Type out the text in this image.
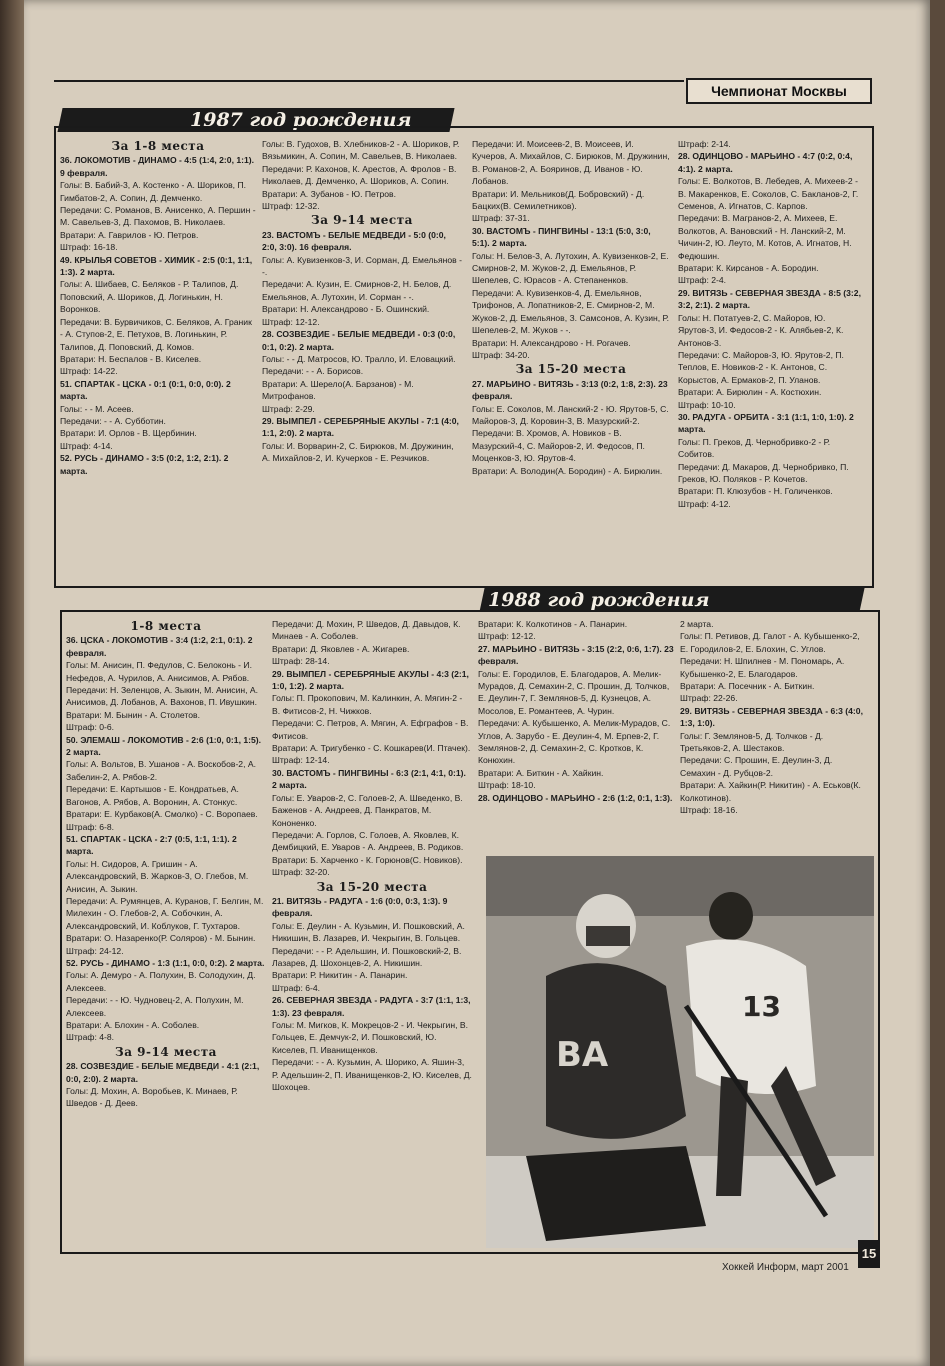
Чемпионат Москвы
1987 год рождения

За 1-8 места

36. ЛОКОМОТИВ - ДИНАМО - 4:5 (1:4, 2:0, 1:1). 9 февраля.

Голы: В. Бабий-3, А. Костенко - А. Шориков, П. Гимбатов-2, А. Сопин, Д. Демченко.

Передачи: С. Романов, В. Анисенко, А. Першин - М. Савельев-3, Д. Пахомов, В. Николаев.

Вратари: А. Гаврилов - Ю. Петров.

Штраф: 16-18.

49. КРЫЛЬЯ СОВЕТОВ - ХИМИК - 2:5 (0:1, 1:1, 1:3). 2 марта.

Голы: А. Шибаев, С. Беляков - Р. Талипов, Д. Поповский, А. Шориков, Д. Логинькин, Н. Воронков.

Передачи: В. Бурвичиков, С. Беляков, А. Граник - А. Ступов-2, Е. Петухов, В. Логинькин, Р. Талипов, Д. Поповский, Д. Комов.

Вратари: Н. Беспалов - В. Киселев.

Штраф: 14-22.

51. СПАРТАК - ЦСКА - 0:1 (0:1, 0:0, 0:0). 2 марта.

Голы: - - М. Асеев.

Передачи: - - А. Субботин.

Вратари: И. Орлов - В. Щербинин.

Штраф: 4-14.

52. РУСЬ - ДИНАМО - 3:5 (0:2, 1:2, 2:1). 2 марта.

Голы: В. Гудохов, В. Хлебников-2 - А. Шориков, Р. Вязьмикин, А. Сопин, М. Савельев, В. Николаев.

Передачи: Р. Кахонов, К. Арестов, А. Фролов - В. Николаев, Д. Демченко, А. Шориков, А. Сопин.

Вратари: А. Зубанов - Ю. Петров.

Штраф: 12-32.

За 9-14 места

23. ВАСТОМЪ - БЕЛЫЕ МЕДВЕДИ - 5:0 (0:0, 2:0, 3:0). 16 февраля.

Голы: А. Кувизенков-3, И. Сорман, Д. Емельянов - -.

Передачи: А. Кузин, Е. Смирнов-2, Н. Белов, Д. Емельянов, А. Лутохин, И. Сорман - -.

Вратари: Н. Александрово - Б. Ошинский.

Штраф: 12-12.

28. СОЗВЕЗДИЕ - БЕЛЫЕ МЕДВЕДИ - 0:3 (0:0, 0:1, 0:2). 2 марта.

Голы: - - Д. Матросов, Ю. Тралло, И. Еловацкий.

Передачи: - - А. Борисов.

Вратари: А. Шерело(А. Барзанов) - М. Митрофанов.

Штраф: 2-29.

29. ВЫМПЕЛ - СЕРЕБРЯНЫЕ АКУЛЫ - 7:1 (4:0, 1:1, 2:0). 2 марта.

Голы: И. Ворварин-2, С. Бирюков, М. Дружинин, А. Михайлов-2, И. Кучерков - Е. Резчиков.

Передачи: И. Моисеев-2, В. Моисеев, И. Кучеров, А. Михайлов, С. Бирюков, М. Дружинин, В. Романов-2, А. Бояринов, Д. Иванов - Ю. Лобанов.

Вратари: И. Мельников(Д. Бобровский) - Д. Бацких(В. Семилетников).

Штраф: 37-31.

30. ВАСТОМЪ - ПИНГВИНЫ - 13:1 (5:0, 3:0, 5:1). 2 марта.

Голы: Н. Белов-3, А. Лутохин, А. Кувизенков-2, Е. Смирнов-2, М. Жуков-2, Д. Емельянов, Р. Шепелев, С. Юрасов - А. Степаненков.

Передачи: А. Кувизенков-4, Д. Емельянов, Трифонов, А. Лопатников-2, Е. Смирнов-2, М. Жуков-2, Д. Емельянов, З. Самсонов, А. Кузин, Р. Шепелев-2, М. Жуков - -.

Вратари: Н. Александрово - Н. Рогачев.

Штраф: 34-20.

За 15-20 места

27. МАРЬИНО - ВИТЯЗЬ - 3:13 (0:2, 1:8, 2:3). 23 февраля.

Голы: Е. Соколов, М. Ланский-2 - Ю. Ярутов-5, С. Майоров-3, Д. Коровин-3, В. Мазурский-2.

Передачи: В. Хромов, А. Новиков - В. Мазурский-4, С. Майоров-2, И. Федосов, П. Моценков-3, Ю. Ярутов-4.

Вратари: А. Володин(А. Бородин) - А. Бирюлин.

Штраф: 2-14.

28. ОДИНЦОВО - МАРЬИНО - 4:7 (0:2, 0:4, 4:1). 2 марта.

Голы: Е. Волкотов, В. Лебедев, А. Михеев-2 - В. Макаренков, Е. Соколов, С. Бакланов-2, Г. Семенов, А. Игнатов, С. Карпов.

Передачи: В. Магранов-2, А. Михеев, Е. Волкотов, А. Вановский - Н. Ланский-2, М. Чичин-2, Ю. Леуто, М. Котов, А. Игнатов, Н. Федюшин.

Вратари: К. Кирсанов - А. Бородин.

Штраф: 2-4.

29. ВИТЯЗЬ - СЕВЕРНАЯ ЗВЕЗДА - 8:5 (3:2, 3:2, 2:1). 2 марта.

Голы: Н. Потатуев-2, С. Майоров, Ю. Ярутов-3, И. Федосов-2 - К. Алябьев-2, К. Антонов-3.

Передачи: С. Майоров-3, Ю. Ярутов-2, П. Теплов, Е. Новиков-2 - К. Антонов, С. Корыстов, А. Ермаков-2, П. Уланов.

Вратари: А. Бирюлин - А. Костюхин.

Штраф: 10-10.

30. РАДУГА - ОРБИТА - 3:1 (1:1, 1:0, 1:0). 2 марта.

Голы: П. Греков, Д. Чернобривко-2 - Р. Собитов.

Передачи: Д. Макаров, Д. Чернобривко, П. Греков, Ю. Поляков - Р. Кочетов.

Вратари: П. Клюзубов - Н. Голиченков.

Штраф: 4-12.

1988 год рождения

1-8 места

36. ЦСКА - ЛОКОМОТИВ - 3:4 (1:2, 2:1, 0:1). 2 февраля.

Голы: М. Анисин, П. Федулов, С. Белоконь - И. Нефедов, А. Чурилов, А. Анисимов, А. Рябов.

Передачи: Н. Зеленцов, А. Зыкин, М. Анисин, А. Анисимов, Д. Лобанов, А. Вахонов, П. Ивушкин.

Вратари: М. Бынин - А. Столетов.

Штраф: 0-6.

50. ЭЛЕМАШ - ЛОКОМОТИВ - 2:6 (1:0, 0:1, 1:5). 2 марта.

Голы: А. Вольтов, В. Ушанов - А. Воскобов-2, А. Забелин-2, А. Рябов-2.

Передачи: Е. Картышов - Е. Кондратьев, А. Вагонов, А. Рябов, А. Воронин, А. Стонкус.

Вратари: Е. Курбаков(А. Смолко) - С. Воропаев.

Штраф: 6-8.

51. СПАРТАК - ЦСКА - 2:7 (0:5, 1:1, 1:1). 2 марта.

Голы: Н. Сидоров, А. Гришин - А. Александровский, В. Жарков-3, О. Глебов, М. Анисин, А. Зыкин.

Передачи: А. Румянцев, А. Куранов, Г. Белгин, М. Милехин - О. Глебов-2, А. Собочкин, А. Александровский, И. Коблуков, Г. Тухтаров.

Вратари: О. Назаренко(Р. Соляров) - М. Бынин.

Штраф: 24-12.

52. РУСЬ - ДИНАМО - 1:3 (1:1, 0:0, 0:2). 2 марта.

Голы: А. Демуро - А. Полухин, В. Солодухин, Д. Алексеев.

Передачи: - - Ю. Чудновец-2, А. Полухин, М. Алексеев.

Вратари: А. Блохин - А. Соболев.

Штраф: 4-8.

За 9-14 места

28. СОЗВЕЗДИЕ - БЕЛЫЕ МЕДВЕДИ - 4:1 (2:1, 0:0, 2:0). 2 марта.

Голы: Д. Мохин, А. Воробьев, К. Минаев, Р. Шведов - Д. Деев.

Передачи: Д. Мохин, Р. Шведов, Д. Давыдов, К. Минаев - А. Соболев.

Вратари: Д. Яковлев - А. Жигарев.

Штраф: 28-14.

29. ВЫМПЕЛ - СЕРЕБРЯНЫЕ АКУЛЫ - 4:3 (2:1, 1:0, 1:2). 2 марта.

Голы: П. Прокопович, М. Калинкин, А. Мягин-2 - В. Фитисов-2, Н. Чижков.

Передачи: С. Петров, А. Мягин, А. Ефграфов - В. Фитисов.

Вратари: А. Тригубенко - С. Кошкарев(И. Птачек).

Штраф: 12-14.

30. ВАСТОМЪ - ПИНГВИНЫ - 6:3 (2:1, 4:1, 0:1). 2 марта.

Голы: Е. Уваров-2, С. Голоев-2, А. Шведенко, В. Баженов - А. Андреев, Д. Панкратов, М. Кононенко.

Передачи: А. Горлов, С. Голоев, А. Яковлев, К. Дембицкий, Е. Уваров - А. Андреев, В. Родиков.

Вратари: Б. Харченко - К. Горюнов(С. Новиков).

Штраф: 32-20.

За 15-20 места

21. ВИТЯЗЬ - РАДУГА - 1:6 (0:0, 0:3, 1:3). 9 февраля.

Голы: Е. Деулин - А. Кузьмин, И. Пошковский, А. Никишин, В. Лазарев, И. Чекрыгин, В. Гольцев.

Передачи: - - Р. Адельшин, И. Пошковский-2, В. Лазарев, Д. Шохонцев-2, А. Никишин.

Вратари: Р. Никитин - А. Панарин.

Штраф: 6-4.

26. СЕВЕРНАЯ ЗВЕЗДА - РАДУГА - 3:7 (1:1, 1:3, 1:3). 23 февраля.

Голы: М. Мигков, К. Мокрецов-2 - И. Чекрыгин, В. Гольцев, Е. Демчук-2, И. Пошковский, Ю. Киселев, П. Иванищенков.

Передачи: - - А. Кузьмин, А. Шорико, А. Яшин-3, Р. Адельшин-2, П. Иванищенков-2, Ю. Киселев, Д. Шохоцев.

Вратари: К. Колкотинов - А. Панарин.

Штраф: 12-12.

27. МАРЬИНО - ВИТЯЗЬ - 3:15 (2:2, 0:6, 1:7). 23 февраля.

Голы: Е. Городилов, Е. Благодаров, А. Мелик-Мурадов, Д. Семахин-2, С. Прошин, Д. Толчков, Е. Деулин-7, Г. Землянов-5, Д. Кузнецов, А. Мосолов, Е. Романтеев, А. Чурин.

Передачи: А. Кубышенко, А. Мелик-Мурадов, С. Углов, А. Зарубо - Е. Деулин-4, М. Ерпев-2, Г. Землянов-2, Д. Семахин-2, С. Кротков, К. Конюхин.

Вратари: А. Биткин - А. Хайкин.

Штраф: 18-10.

28. ОДИНЦОВО - МАРЬИНО - 2:6 (1:2, 0:1, 1:3).

2 марта.

Голы: П. Ретивов, Д. Галот - А. Кубышенко-2, Е. Городилов-2, Е. Блохин, С. Углов.

Передачи: Н. Шпилнев - М. Пономарь, А. Кубышенко-2, Е. Благодаров.

Вратари: А. Посечник - А. Биткин.

Штраф: 22-26.

29. ВИТЯЗЬ - СЕВЕРНАЯ ЗВЕЗДА - 6:3 (4:0, 1:3, 1:0).

Голы: Г. Землянов-5, Д. Толчков - Д. Третьяков-2, А. Шестаков.

Передачи: С. Прошин, Е. Деулин-3, Д. Семахин - Д. Рубцов-2.

Вратари: А. Хайкин(Р. Никитин) - А. Еськов(К. Колкотинов).

Штраф: 18-16.

ВА
13
Хоккей Информ, март 2001
15
